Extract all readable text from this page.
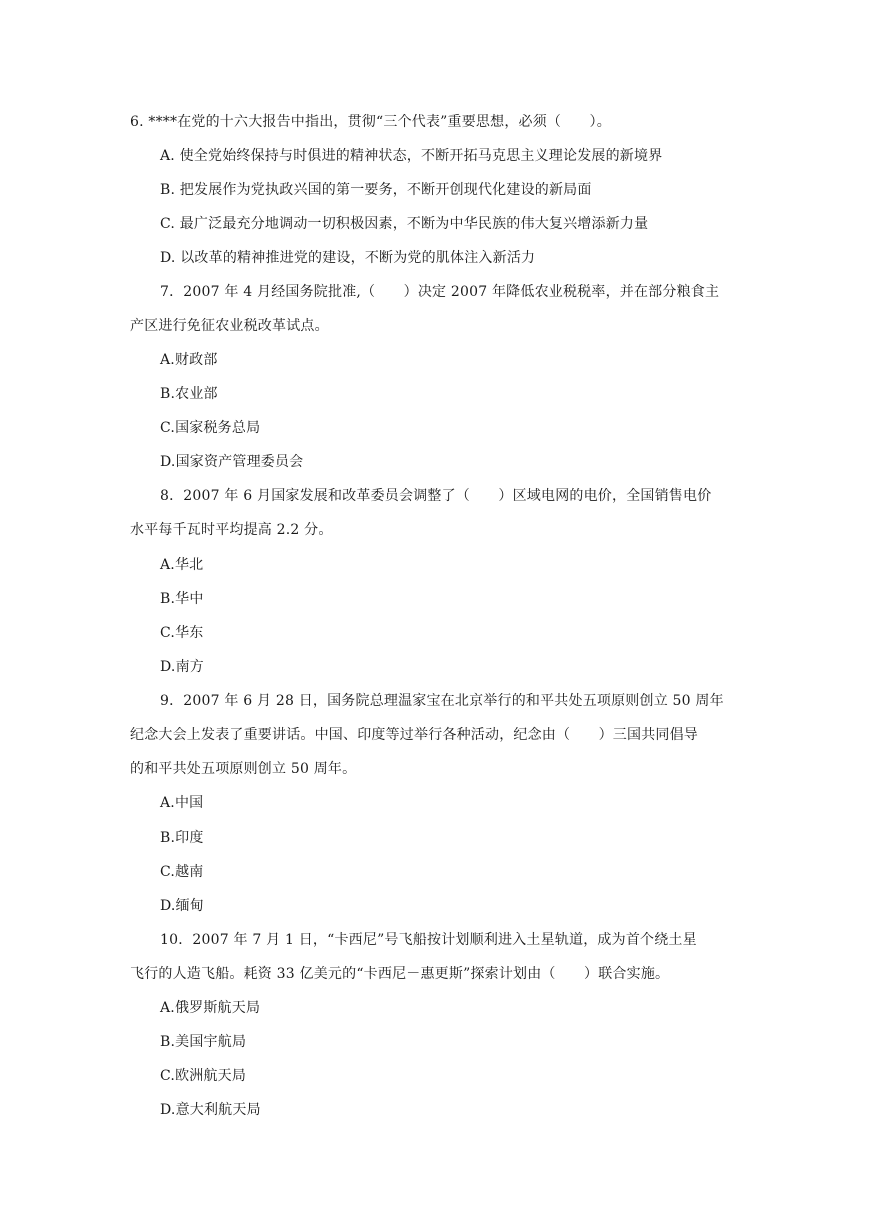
6. ****在党的十六大报告中指出，贯彻“三个代表”重要思想，必须（　　）。
A. 使全党始终保持与时俱进的精神状态，不断开拓马克思主义理论发展的新境界
B. 把发展作为党执政兴国的第一要务，不断开创现代化建设的新局面
C. 最广泛最充分地调动一切积极因素，不断为中华民族的伟大复兴增添新力量
D. 以改革的精神推进党的建设，不断为党的肌体注入新活力
7．2007 年 4 月经国务院批准,（　　）决定 2007 年降低农业税税率，并在部分粮食主
产区进行免征农业税改革试点。
A.财政部
B.农业部
C.国家税务总局
D.国家资产管理委员会
8．2007 年 6 月国家发展和改革委员会调整了（　　）区域电网的电价，全国销售电价
水平每千瓦时平均提高 2.2 分。
A.华北
B.华中
C.华东
D.南方
9．2007 年 6 月 28 日，国务院总理温家宝在北京举行的和平共处五项原则创立 50 周年
纪念大会上发表了重要讲话。中国、印度等过举行各种活动，纪念由（　　）三国共同倡导
的和平共处五项原则创立 50 周年。
A.中国
B.印度
C.越南
D.缅甸
10．2007 年 7 月 1 日，“卡西尼”号飞船按计划顺利进入土星轨道，成为首个绕土星
飞行的人造飞船。耗资 33 亿美元的“卡西尼－惠更斯”探索计划由（　　）联合实施。
A.俄罗斯航天局
B.美国宇航局
C.欧洲航天局
D.意大利航天局
